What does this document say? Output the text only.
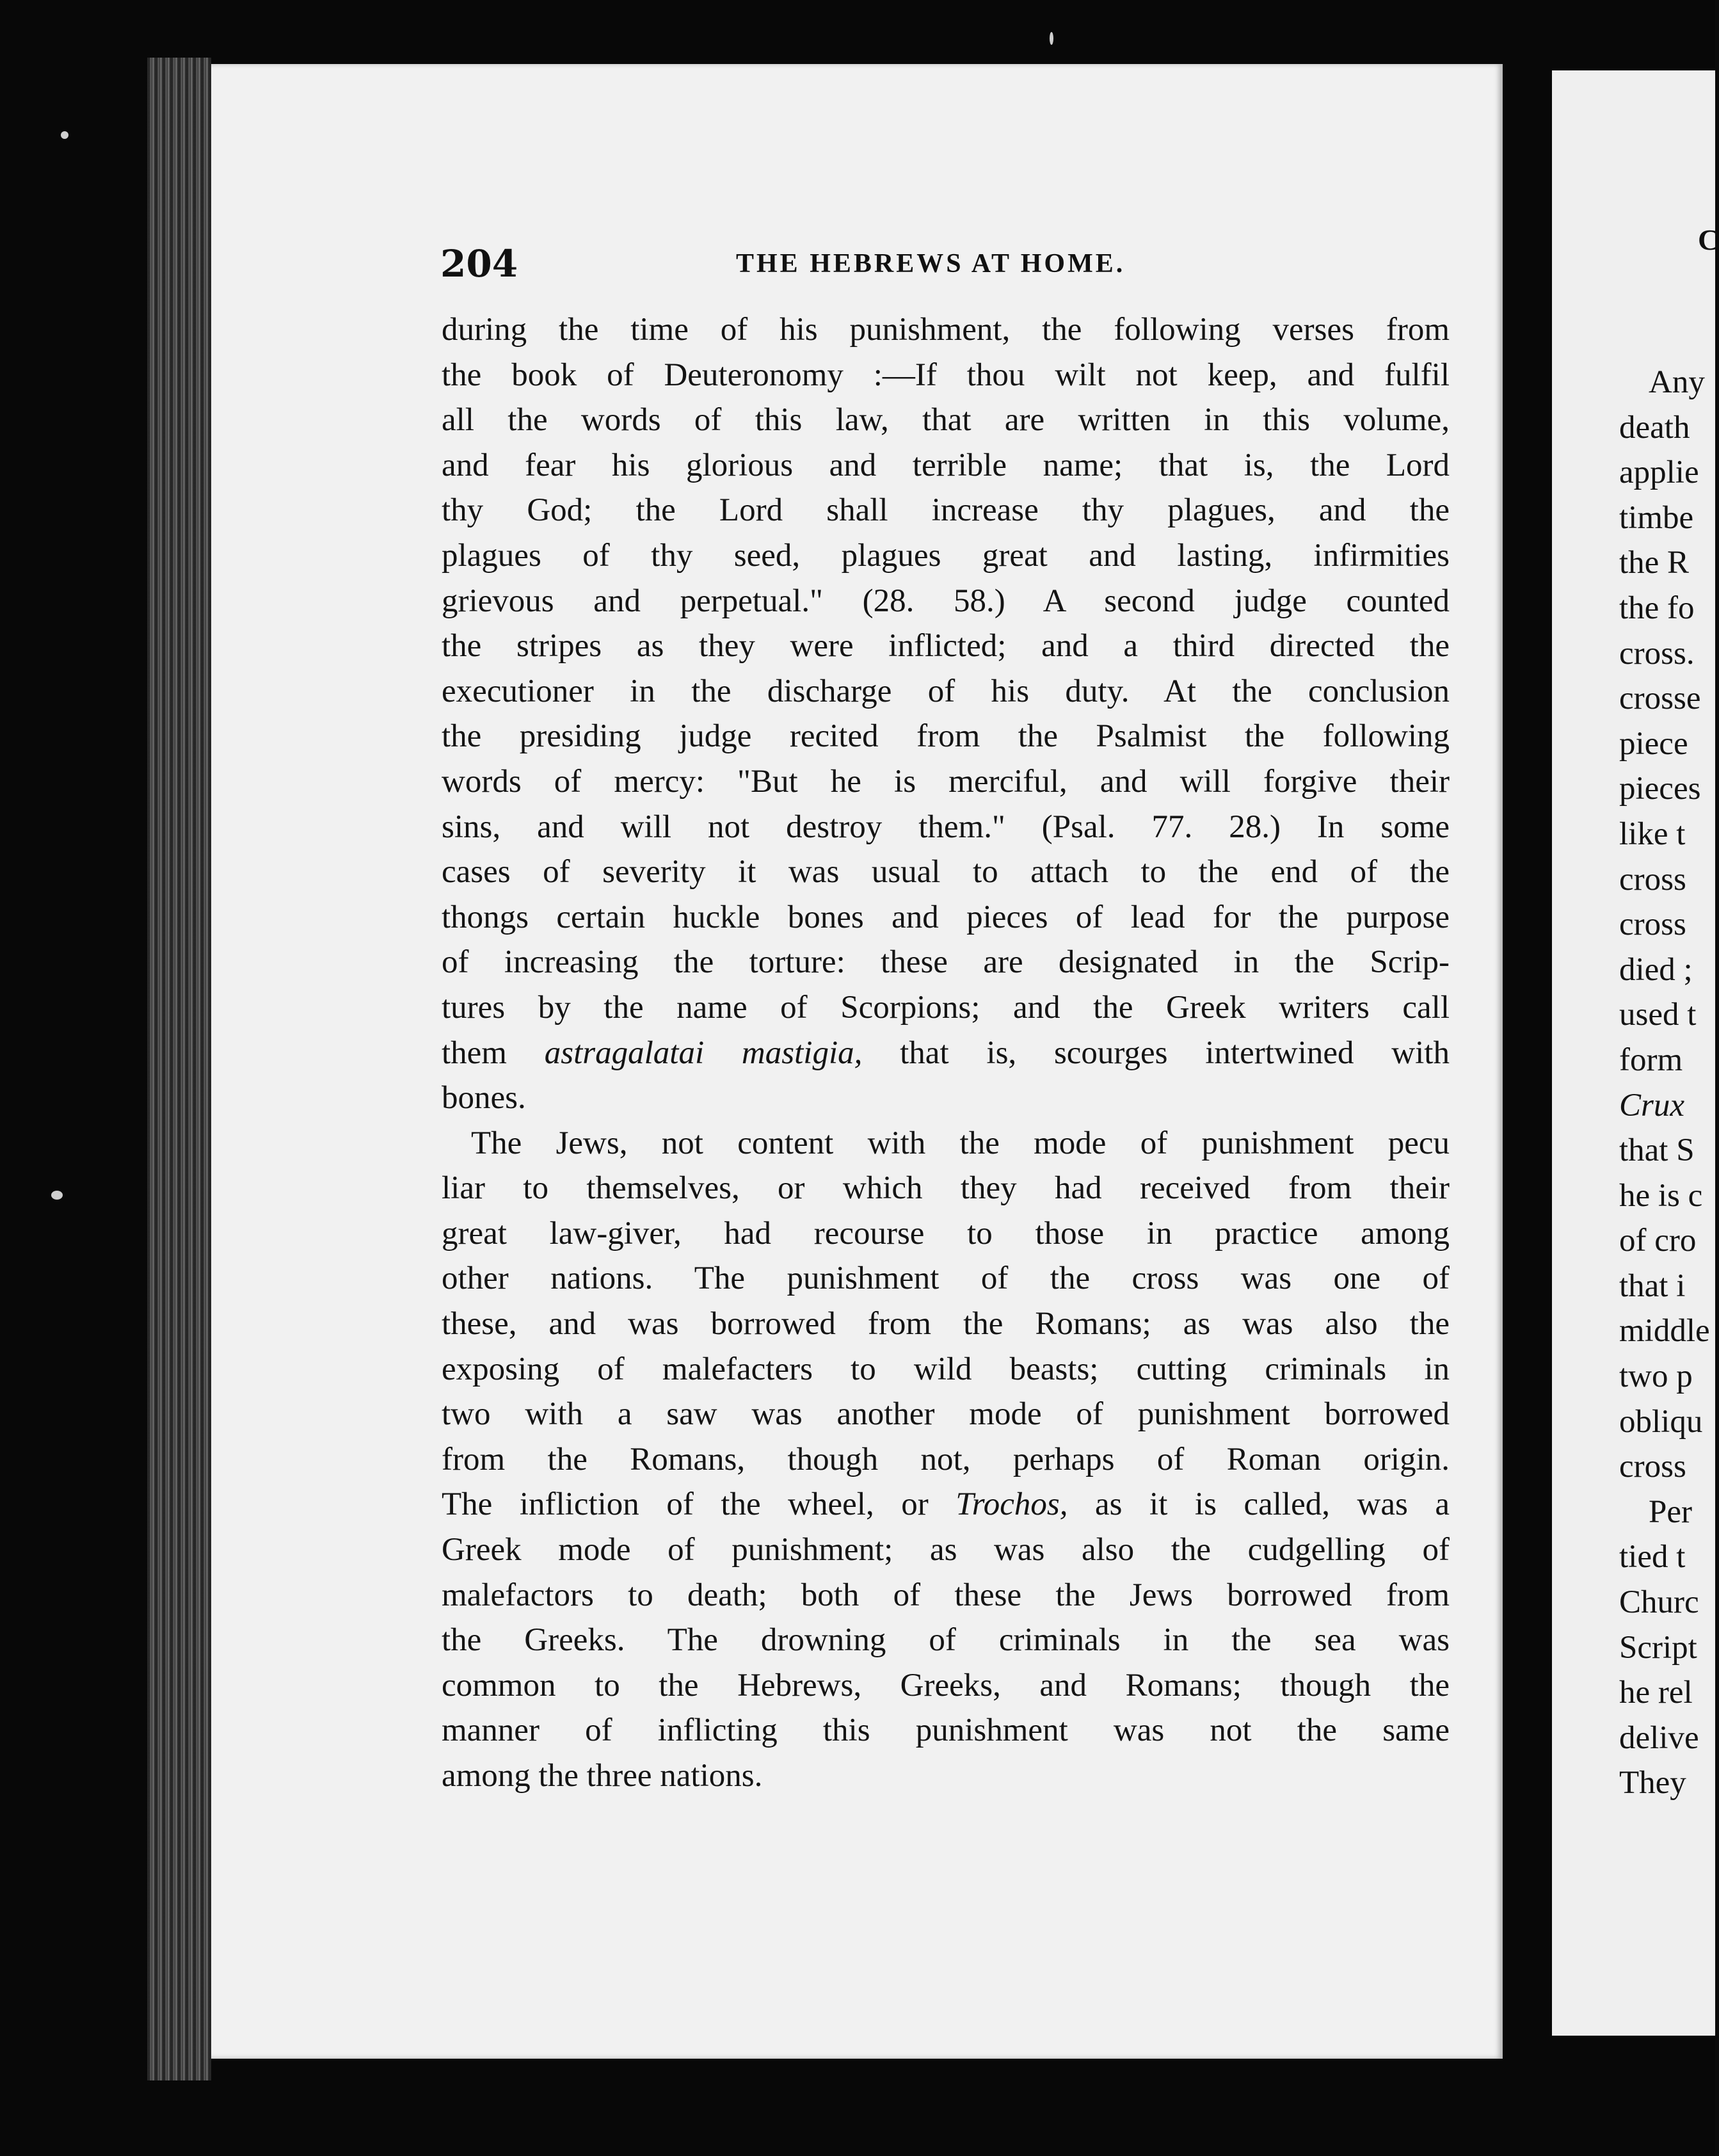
204	THE HEBREWS AT HOME.
during the time of his punishment, the following verses from
the book of Deuteronomy :—If thou wilt not keep, and fulfil
all the words of this law, that are written in this volume,
and fear his glorious and terrible name; that is, the Lord
thy God; the Lord shall increase thy plagues, and the
plagues of thy seed, plagues great and lasting, infirmities
grievous and perpetual." (28. 58.) A second judge counted
the stripes as they were inflicted; and a third directed the
executioner in the discharge of his duty. At the conclusion
the presiding judge recited from the Psalmist the following
words of mercy: "But he is merciful, and will forgive their
sins, and will not destroy them." (Psal. 77. 28.) In some
cases of severity it was usual to attach to the end of the
thongs certain huckle bones and pieces of lead for the purpose
of increasing the torture: these are designated in the Scrip-
tures by the name of Scorpions; and the Greek writers call
them astragalatai mastigia, that is, scourges intertwined with
bones.
The Jews, not content with the mode of punishment pecu
liar to themselves, or which they had received from their
great law-giver, had recourse to those in practice among
other nations. The punishment of the cross was one of
these, and was borrowed from the Romans; as was also the
exposing of malefacters to wild beasts; cutting criminals in
two with a saw was another mode of punishment borrowed
from the Romans, though not, perhaps of Roman origin.
The infliction of the wheel, or Trochos, as it is called, was a
Greek mode of punishment; as was also the cudgelling of
malefactors to death; both of these the Jews borrowed from
the Greeks. The drowning of criminals in the sea was
common to the Hebrews, Greeks, and Romans; though the
manner of inflicting this punishment was not the same
among the three nations.
C
Any
death
applie
timbe
the R
the fo
cross.
crosse
piece
pieces
like t
cross
cross
died ;
used t
form
Crux
that S
he is c
of cro
that i
middle
two p
obliqu
cross
Per
tied t
Churc
Script
he rel
delive
They
